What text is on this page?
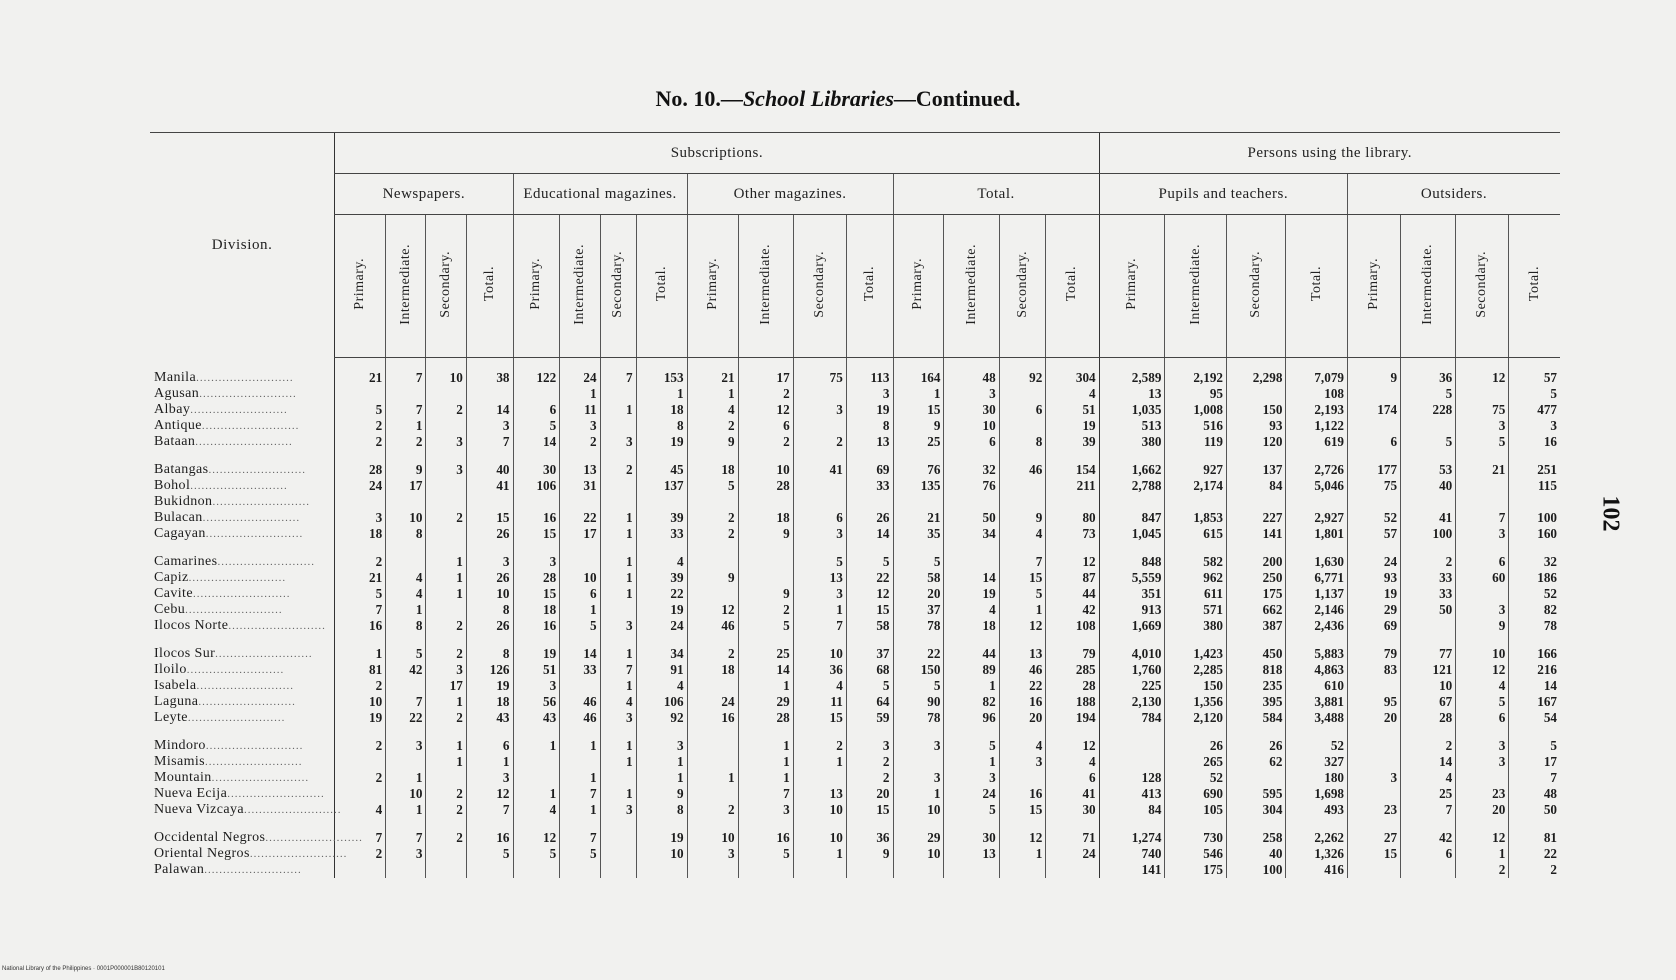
No. 10.—School Libraries—Continued.
Division.	Subscriptions.																Persons using the library.							
	Newspapers.				Educational magazines.				Other magazines.				Total.				Pupils and teachers.				Outsiders.			
	Primary.	Intermediate.	Secondary.	Total.	Primary.	Intermediate.	Secondary.	Total.	Primary.	Intermediate.	Secondary.	Total.	Primary.	Intermediate.	Secondary.	Total.	Primary.	Intermediate.	Secondary.	Total.	Primary.	Intermediate.	Secondary.	Total.
Manila..........................	21	7	10	38	122	24	7	153	21	17	75	113	164	48	92	304	2,589	2,192	2,298	7,079	9	36	12	57
Agusan..........................						1		1	1	2		3	1	3		4	13	95		108		5		5
Albay..........................	5	7	2	14	6	11	1	18	4	12	3	19	15	30	6	51	1,035	1,008	150	2,193	174	228	75	477
Antique..........................	2	1		3	5	3		8	2	6		8	9	10		19	513	516	93	1,122			3	3
Bataan..........................	2	2	3	7	14	2	3	19	9	2	2	13	25	6	8	39	380	119	120	619	6	5	5	16
Batangas..........................	28	9	3	40	30	13	2	45	18	10	41	69	76	32	46	154	1,662	927	137	2,726	177	53	21	251
Bohol..........................	24	17		41	106	31		137	5	28		33	135	76		211	2,788	2,174	84	5,046	75	40		115
Bukidnon..........................																								
Bulacan..........................	3	10	2	15	16	22	1	39	2	18	6	26	21	50	9	80	847	1,853	227	2,927	52	41	7	100
Cagayan..........................	18	8		26	15	17	1	33	2	9	3	14	35	34	4	73	1,045	615	141	1,801	57	100	3	160
Camarines..........................	2		1	3	3		1	4			5	5	5		7	12	848	582	200	1,630	24	2	6	32
Capiz..........................	21	4	1	26	28	10	1	39	9		13	22	58	14	15	87	5,559	962	250	6,771	93	33	60	186
Cavite..........................	5	4	1	10	15	6	1	22		9	3	12	20	19	5	44	351	611	175	1,137	19	33		52
Cebu..........................	7	1		8	18	1		19	12	2	1	15	37	4	1	42	913	571	662	2,146	29	50	3	82
Ilocos Norte..........................	16	8	2	26	16	5	3	24	46	5	7	58	78	18	12	108	1,669	380	387	2,436	69		9	78
Ilocos Sur..........................	1	5	2	8	19	14	1	34	2	25	10	37	22	44	13	79	4,010	1,423	450	5,883	79	77	10	166
Iloilo..........................	81	42	3	126	51	33	7	91	18	14	36	68	150	89	46	285	1,760	2,285	818	4,863	83	121	12	216
Isabela..........................	2		17	19	3		1	4		1	4	5	5	1	22	28	225	150	235	610		10	4	14
Laguna..........................	10	7	1	18	56	46	4	106	24	29	11	64	90	82	16	188	2,130	1,356	395	3,881	95	67	5	167
Leyte..........................	19	22	2	43	43	46	3	92	16	28	15	59	78	96	20	194	784	2,120	584	3,488	20	28	6	54
Mindoro..........................	2	3	1	6	1	1	1	3		1	2	3	3	5	4	12		26	26	52		2	3	5
Misamis..........................			1	1			1	1		1	1	2		1	3	4		265	62	327		14	3	17
Mountain..........................	2	1		3		1		1	1	1		2	3	3		6	128	52		180	3	4		7
Nueva Ecija..........................		10	2	12	1	7	1	9		7	13	20	1	24	16	41	413	690	595	1,698		25	23	48
Nueva Vizcaya..........................	4	1	2	7	4	1	3	8	2	3	10	15	10	5	15	30	84	105	304	493	23	7	20	50
Occidental Negros..........................	7	7	2	16	12	7		19	10	16	10	36	29	30	12	71	1,274	730	258	2,262	27	42	12	81
Oriental Negros..........................	2	3		5	5	5		10	3	5	1	9	10	13	1	24	740	546	40	1,326	15	6	1	22
Palawan..........................																	141	175	100	416			2	2
102
National Library of the Philippines · 0001P000001B80120101
